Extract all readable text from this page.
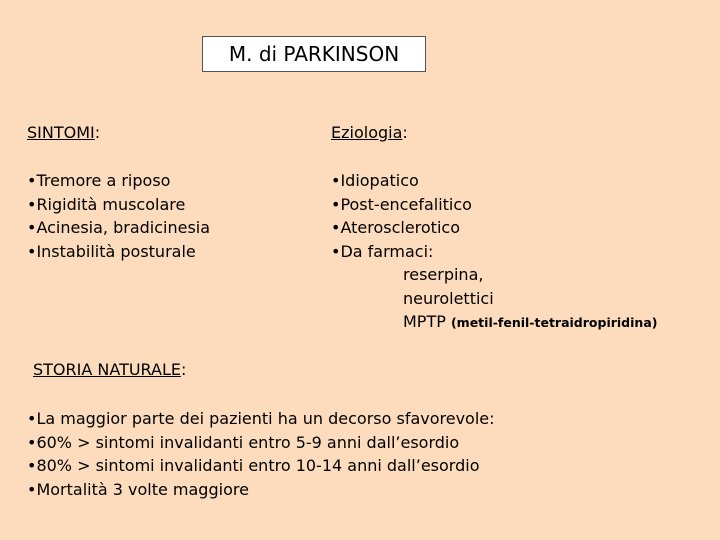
M. di PARKINSON
SINTOMI:
• Tremore a riposo
• Rigidità muscolare
• Acinesia, bradicinesia
• Instabilità posturale
Eziologia:
• Idiopatico
• Post-encefalitico
• Aterosclerotico
• Da farmaci:
reserpina,
neurolettici
MPTP (metil-fenil-tetraidropiridina)
STORIA NATURALE:
• La maggior parte dei pazienti ha un decorso sfavorevole:
• 60% > sintomi invalidanti entro 5-9 anni dall’esordio
• 80% > sintomi invalidanti entro 10-14 anni dall’esordio
• Mortalità 3 volte maggiore
